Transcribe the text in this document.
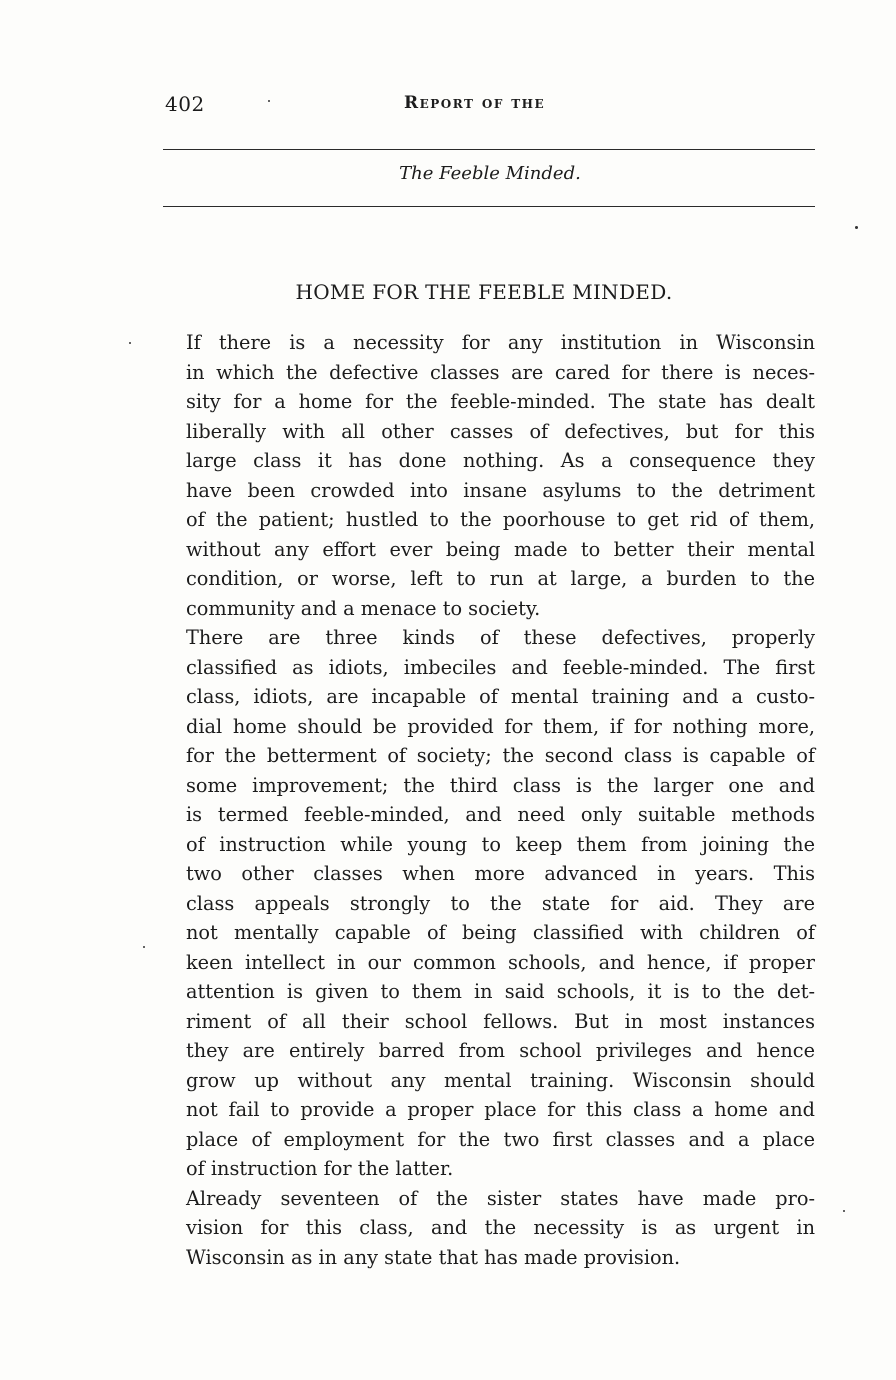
402	Report of the
The Feeble Minded.
HOME FOR THE FEEBLE MINDED.

If there is a necessity for any institution in Wisconsin
in which the defective classes are cared for there is neces-
sity for a home for the feeble-minded. The state has dealt
liberally with all other casses of defectives, but for this
large class it has done nothing. As a consequence they
have been crowded into insane asylums to the detriment
of the patient; hustled to the poorhouse to get rid of them,
without any effort ever being made to better their mental
condition, or worse, left to run at large, a burden to the
community and a menace to society.

There are three kinds of these defectives, properly
classified as idiots, imbeciles and feeble-minded. The first
class, idiots, are incapable of mental training and a custo-
dial home should be provided for them, if for nothing more,
for the betterment of society; the second class is capable of
some improvement; the third class is the larger one and
is termed feeble-minded, and need only suitable methods
of instruction while young to keep them from joining the
two other classes when more advanced in years. This
class appeals strongly to the state for aid. They are
not mentally capable of being classified with children of
keen intellect in our common schools, and hence, if proper
attention is given to them in said schools, it is to the det-
riment of all their school fellows. But in most instances
they are entirely barred from school privileges and hence
grow up without any mental training. Wisconsin should
not fail to provide a proper place for this class a home and
place of employment for the two first classes and a place
of instruction for the latter.

Already seventeen of the sister states have made pro-
vision for this class, and the necessity is as urgent in
Wisconsin as in any state that has made provision.
